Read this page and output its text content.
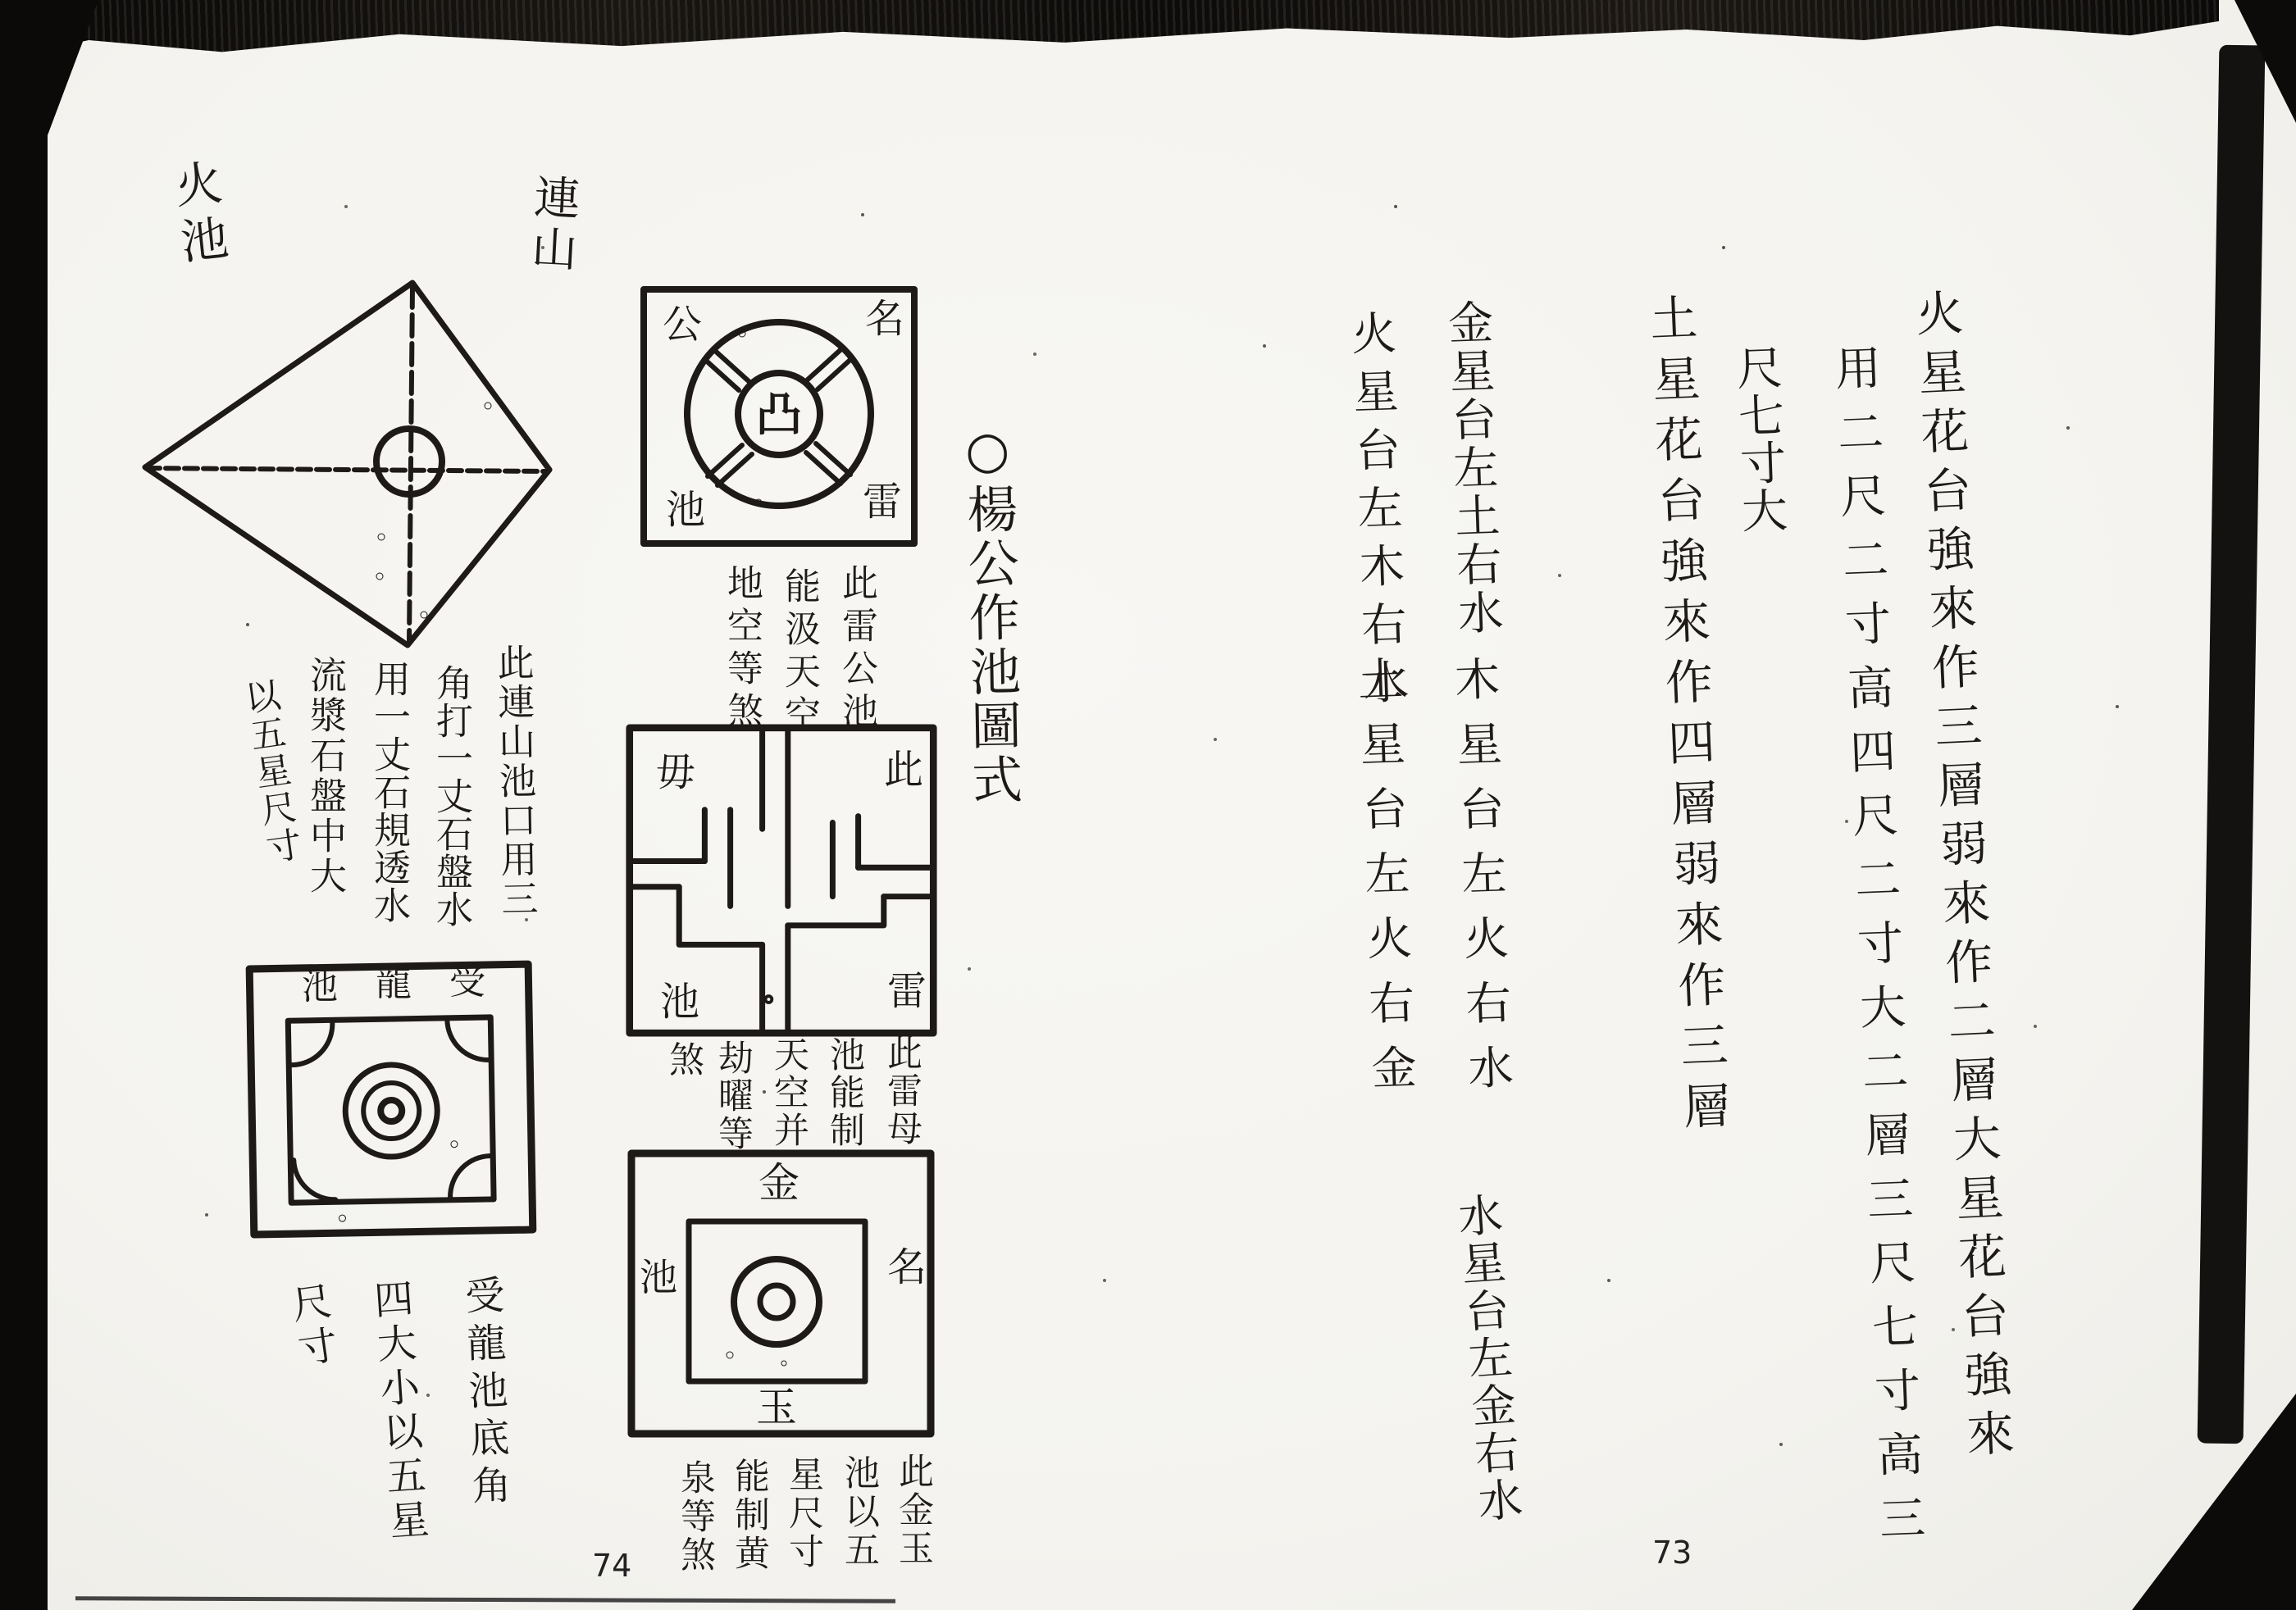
火池	連山
此連山池口用三
角打一丈石盤水
用一丈石規透水
流漿石盤中大
以五星尺寸
池 龍 受
受龍池底角
四大小以五星
尺寸
公	名
池	雷
凸
此雷公池
能汲天空
地空等煞
毋	此
池	雷
此雷母
池能制
天空并
劫曜等
煞
金
名
池
玉
此金玉
池以五
星尺寸
能制黄
泉等煞
○楊公作池圖式
74
火星花台強來作三層弱來作二層大星花台強來
用二尺二寸高四尺二寸大二層三尺七寸高三
尺七寸大
土星花台強來作四層弱來作三層
金星台左土右水
木星台左火右水
火星台左木右水
土星台左火右金
水星台左金右水
73
